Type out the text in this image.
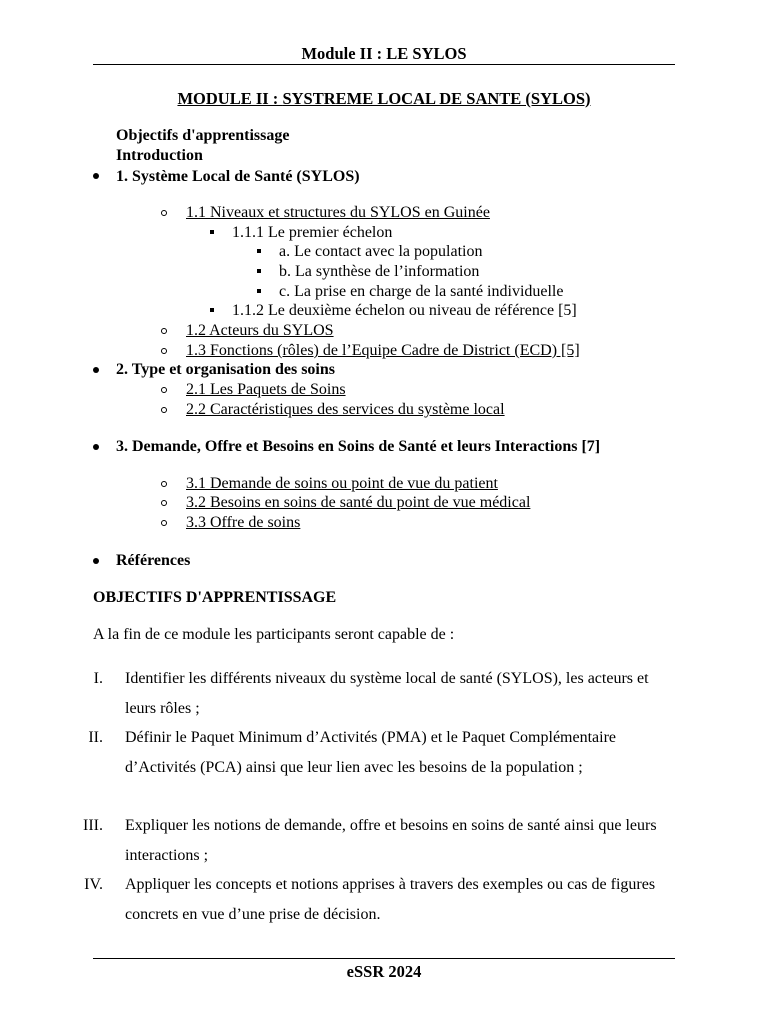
Module II : LE SYLOS
MODULE II : SYSTREME LOCAL DE SANTE (SYLOS)
Objectifs d'apprentissage
Introduction
1. Système Local de Santé (SYLOS)
1.1 Niveaux et structures du SYLOS en Guinée
1.1.1 Le premier échelon
a. Le contact avec la population
b. La synthèse de l’information
c. La prise en charge de la santé individuelle
1.1.2 Le deuxième échelon ou niveau de référence [5]
1.2 Acteurs du SYLOS
1.3 Fonctions (rôles) de l’Equipe Cadre de District (ECD) [5]
2. Type et organisation des soins
2.1 Les Paquets de Soins
2.2 Caractéristiques des services du système local
3. Demande, Offre et Besoins en Soins de Santé et leurs Interactions [7]
3.1 Demande de soins ou point de vue du patient
3.2 Besoins en soins de santé du point de vue médical
3.3 Offre de soins
Références
OBJECTIFS D'APPRENTISSAGE
A la fin de ce module les participants seront capable de :
I. Identifier les différents niveaux du système local de santé (SYLOS), les acteurs et leurs rôles ;
II. Définir le Paquet Minimum d’Activités (PMA) et le Paquet Complémentaire d’Activités (PCA) ainsi que leur lien avec les besoins de la population ;
III. Expliquer les notions de demande, offre et besoins en soins de santé ainsi que leurs interactions ;
IV. Appliquer les concepts et notions apprises à travers des exemples ou cas de figures concrets en vue d’une prise de décision.
eSSR 2024
